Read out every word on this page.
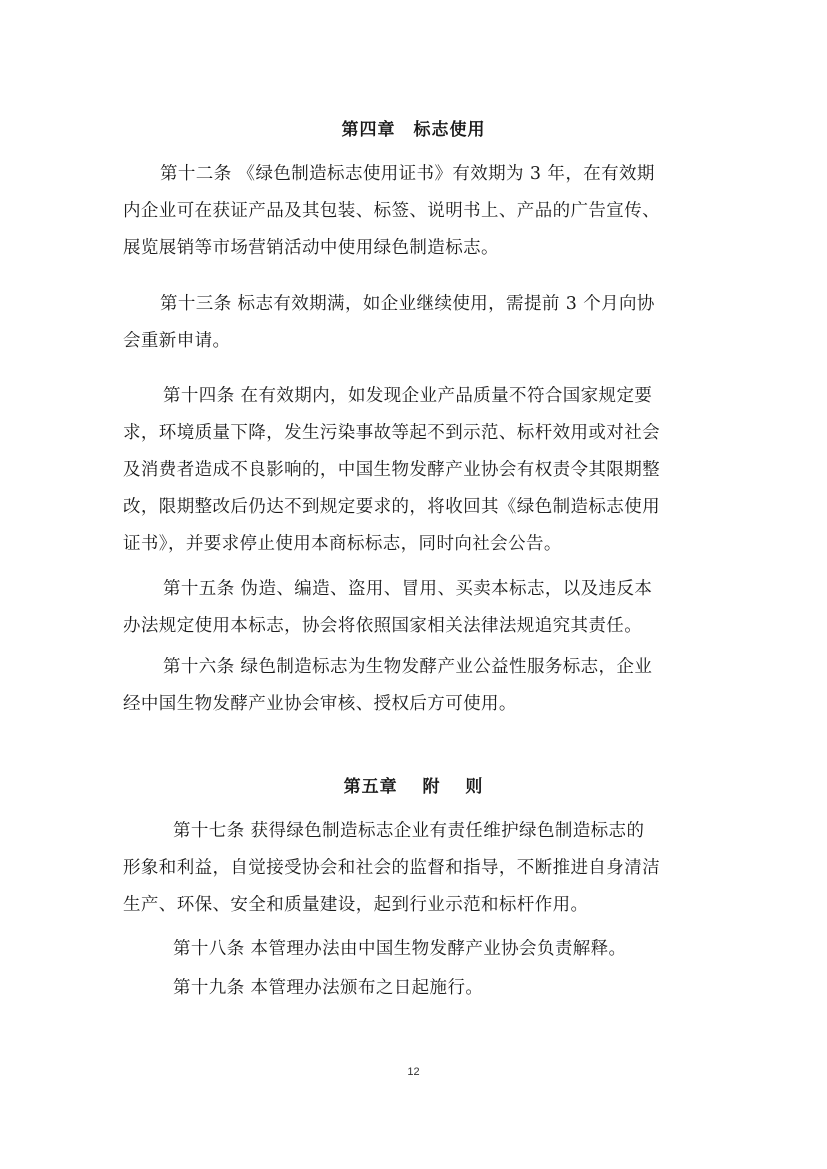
第四章　标志使用
第十二条 《绿色制造标志使用证书》有效期为 3 年，在有效期
内企业可在获证产品及其包装、标签、说明书上、产品的广告宣传、
展览展销等市场营销活动中使用绿色制造标志。
第十三条 标志有效期满，如企业继续使用，需提前 3 个月向协
会重新申请。
第十四条 在有效期内，如发现企业产品质量不符合国家规定要
求，环境质量下降，发生污染事故等起不到示范、标杆效用或对社会
及消费者造成不良影响的，中国生物发酵产业协会有权责令其限期整
改，限期整改后仍达不到规定要求的，将收回其《绿色制造标志使用
证书》，并要求停止使用本商标标志，同时向社会公告。
第十五条 伪造、编造、盗用、冒用、买卖本标志，以及违反本
办法规定使用本标志，协会将依照国家相关法律法规追究其责任。
第十六条 绿色制造标志为生物发酵产业公益性服务标志，企业
经中国生物发酵产业协会审核、授权后方可使用。
第五章　 附　 则
第十七条 获得绿色制造标志企业有责任维护绿色制造标志的
形象和利益，自觉接受协会和社会的监督和指导，不断推进自身清洁
生产、环保、安全和质量建设，起到行业示范和标杆作用。
第十八条 本管理办法由中国生物发酵产业协会负责解释。
第十九条 本管理办法颁布之日起施行。
12
